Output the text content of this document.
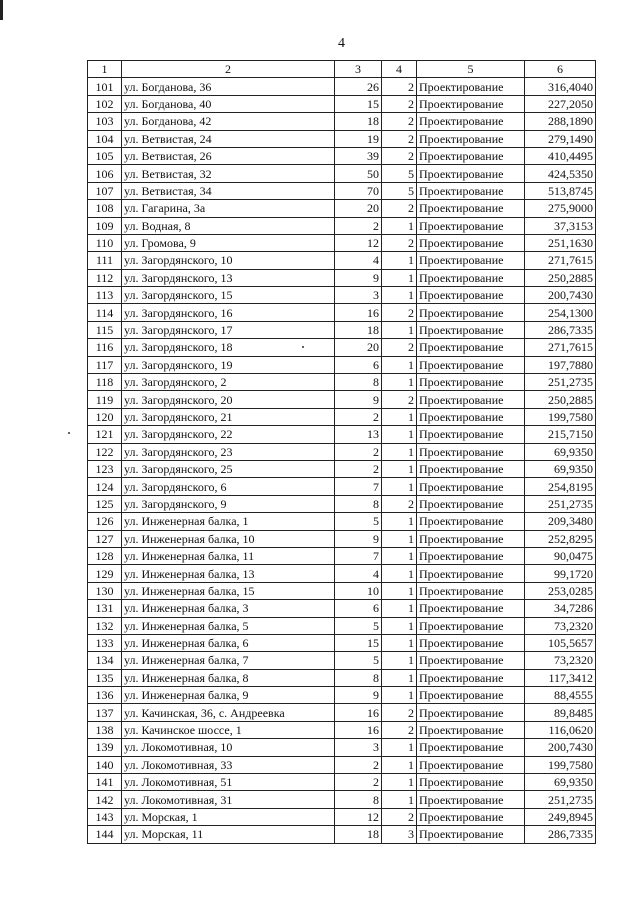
4
1	2	3	4	5	6
101	ул. Богданова, 36	26	2	Проектирование	316,4040
102	ул. Богданова, 40	15	2	Проектирование	227,2050
103	ул. Богданова, 42	18	2	Проектирование	288,1890
104	ул. Ветвистая, 24	19	2	Проектирование	279,1490
105	ул. Ветвистая, 26	39	2	Проектирование	410,4495
106	ул. Ветвистая, 32	50	5	Проектирование	424,5350
107	ул. Ветвистая, 34	70	5	Проектирование	513,8745
108	ул. Гагарина, 3а	20	2	Проектирование	275,9000
109	ул. Водная, 8	2	1	Проектирование	37,3153
110	ул. Громова, 9	12	2	Проектирование	251,1630
111	ул. Загордянского, 10	4	1	Проектирование	271,7615
112	ул. Загордянского, 13	9	1	Проектирование	250,2885
113	ул. Загордянского, 15	3	1	Проектирование	200,7430
114	ул. Загордянского, 16	16	2	Проектирование	254,1300
115	ул. Загордянского, 17	18	1	Проектирование	286,7335
116	ул. Загордянского, 18	20	2	Проектирование	271,7615
117	ул. Загордянского, 19	6	1	Проектирование	197,7880
118	ул. Загордянского, 2	8	1	Проектирование	251,2735
119	ул. Загордянского, 20	9	2	Проектирование	250,2885
120	ул. Загордянского, 21	2	1	Проектирование	199,7580
121	ул. Загордянского, 22	13	1	Проектирование	215,7150
122	ул. Загордянского, 23	2	1	Проектирование	69,9350
123	ул. Загордянского, 25	2	1	Проектирование	69,9350
124	ул. Загордянского, 6	7	1	Проектирование	254,8195
125	ул. Загордянского, 9	8	2	Проектирование	251,2735
126	ул. Инженерная балка, 1	5	1	Проектирование	209,3480
127	ул. Инженерная балка, 10	9	1	Проектирование	252,8295
128	ул. Инженерная балка, 11	7	1	Проектирование	90,0475
129	ул. Инженерная балка, 13	4	1	Проектирование	99,1720
130	ул. Инженерная балка, 15	10	1	Проектирование	253,0285
131	ул. Инженерная балка, 3	6	1	Проектирование	34,7286
132	ул. Инженерная балка, 5	5	1	Проектирование	73,2320
133	ул. Инженерная балка, 6	15	1	Проектирование	105,5657
134	ул. Инженерная балка, 7	5	1	Проектирование	73,2320
135	ул. Инженерная балка, 8	8	1	Проектирование	117,3412
136	ул. Инженерная балка, 9	9	1	Проектирование	88,4555
137	ул. Качинская, 36, с. Андреевка	16	2	Проектирование	89,8485
138	ул. Качинское шоссе, 1	16	2	Проектирование	116,0620
139	ул. Локомотивная, 10	3	1	Проектирование	200,7430
140	ул. Локомотивная, 33	2	1	Проектирование	199,7580
141	ул. Локомотивная, 51	2	1	Проектирование	69,9350
142	ул. Локомотивная, 31	8	1	Проектирование	251,2735
143	ул. Морская, 1	12	2	Проектирование	249,8945
144	ул. Морская, 11	18	3	Проектирование	286,7335
